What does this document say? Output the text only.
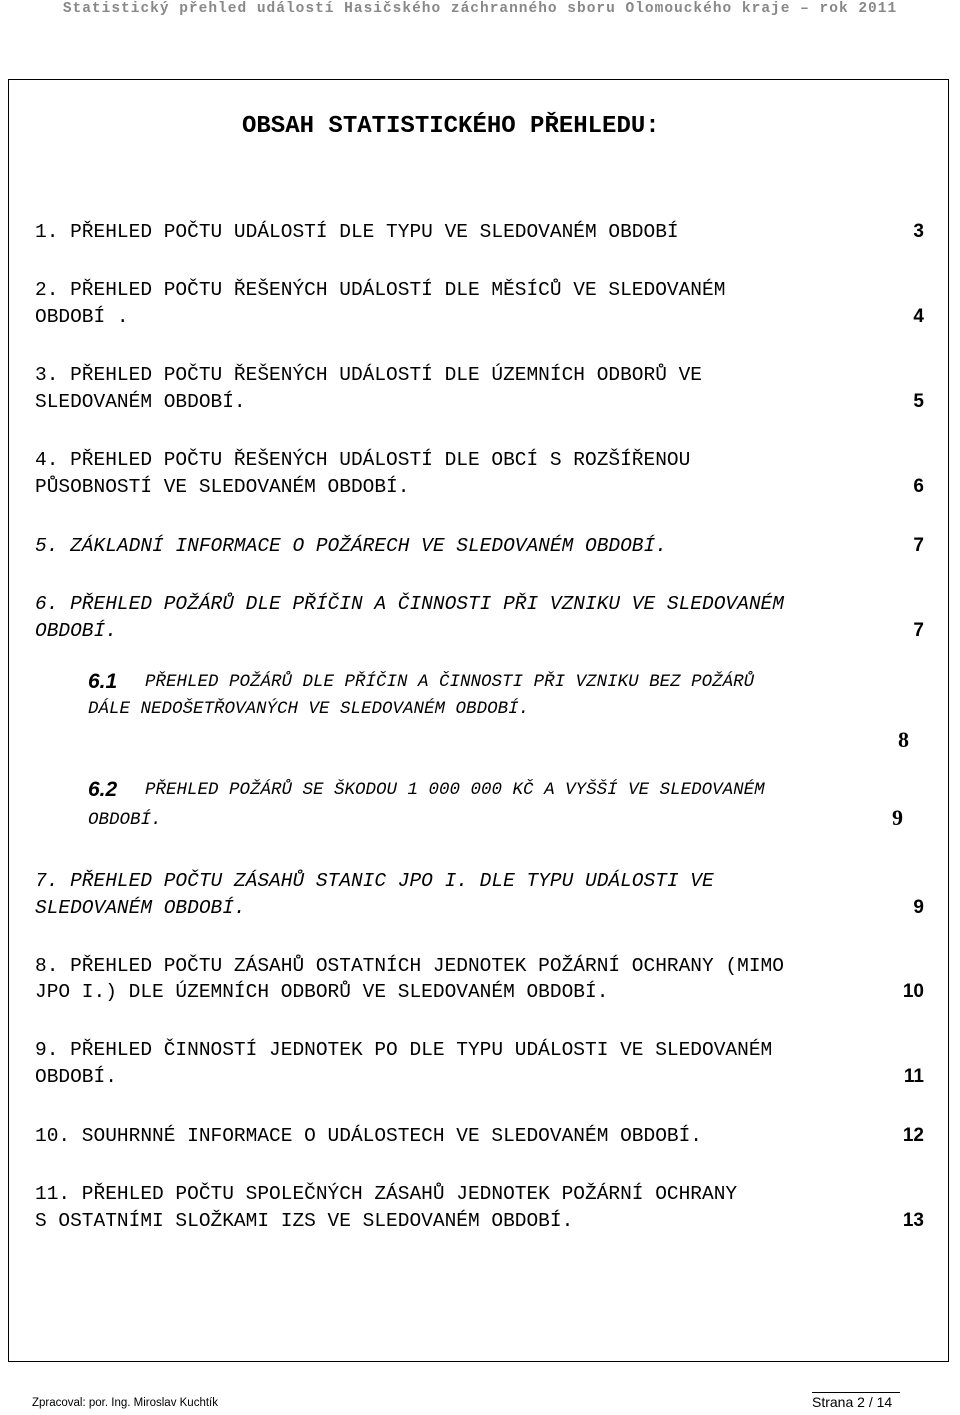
Statistický přehled událostí Hasičského záchranného sboru Olomouckého kraje – rok 2011
OBSAH STATISTICKÉHO PŘEHLEDU:
1. PŘEHLED POČTU UDÁLOSTÍ DLE TYPU VE SLEDOVANÉM OBDOBÍ	3
2. PŘEHLED POČTU ŘEŠENÝCH UDÁLOSTÍ DLE MĚSÍCŮ VE SLEDOVANÉM
OBDOBÍ .	4
3. PŘEHLED POČTU ŘEŠENÝCH UDÁLOSTÍ DLE ÚZEMNÍCH ODBORŮ VE
SLEDOVANÉM OBDOBÍ.	5
4. PŘEHLED POČTU ŘEŠENÝCH UDÁLOSTÍ DLE OBCÍ S ROZŠÍŘENOU
PŮSOBNOSTÍ VE SLEDOVANÉM OBDOBÍ.	6
5. ZÁKLADNÍ INFORMACE O POŽÁRECH VE SLEDOVANÉM OBDOBÍ.	7
6. PŘEHLED POŽÁRŮ DLE PŘÍČIN A ČINNOSTI PŘI VZNIKU VE SLEDOVANÉM
OBDOBÍ.	7
6.1 PŘEHLED POŽÁRŮ DLE PŘÍČIN A ČINNOSTI PŘI VZNIKU BEZ POŽÁRŮ
DÁLE NEDOŠETŘOVANÝCH VE SLEDOVANÉM OBDOBÍ.
8
6.2 PŘEHLED POŽÁRŮ SE ŠKODOU 1 000 000 KČ A VYŠŠÍ VE SLEDOVANÉM
OBDOBÍ.	9
7. PŘEHLED POČTU ZÁSAHŮ STANIC JPO I. DLE TYPU UDÁLOSTI VE
SLEDOVANÉM OBDOBÍ.	9
8. PŘEHLED POČTU ZÁSAHŮ OSTATNÍCH JEDNOTEK POŽÁRNÍ OCHRANY (MIMO
JPO I.) DLE ÚZEMNÍCH ODBORŮ VE SLEDOVANÉM OBDOBÍ.	10
9. PŘEHLED ČINNOSTÍ JEDNOTEK PO DLE TYPU UDÁLOSTI VE SLEDOVANÉM
OBDOBÍ.	11
10. SOUHRNNÉ INFORMACE O UDÁLOSTECH VE SLEDOVANÉM OBDOBÍ.	12
11. PŘEHLED POČTU SPOLEČNÝCH ZÁSAHŮ JEDNOTEK POŽÁRNÍ OCHRANY
S OSTATNÍMI SLOŽKAMI IZS VE SLEDOVANÉM OBDOBÍ.	13
Zpracoval: por. Ing. Miroslav Kuchtík	Strana 2 / 14
